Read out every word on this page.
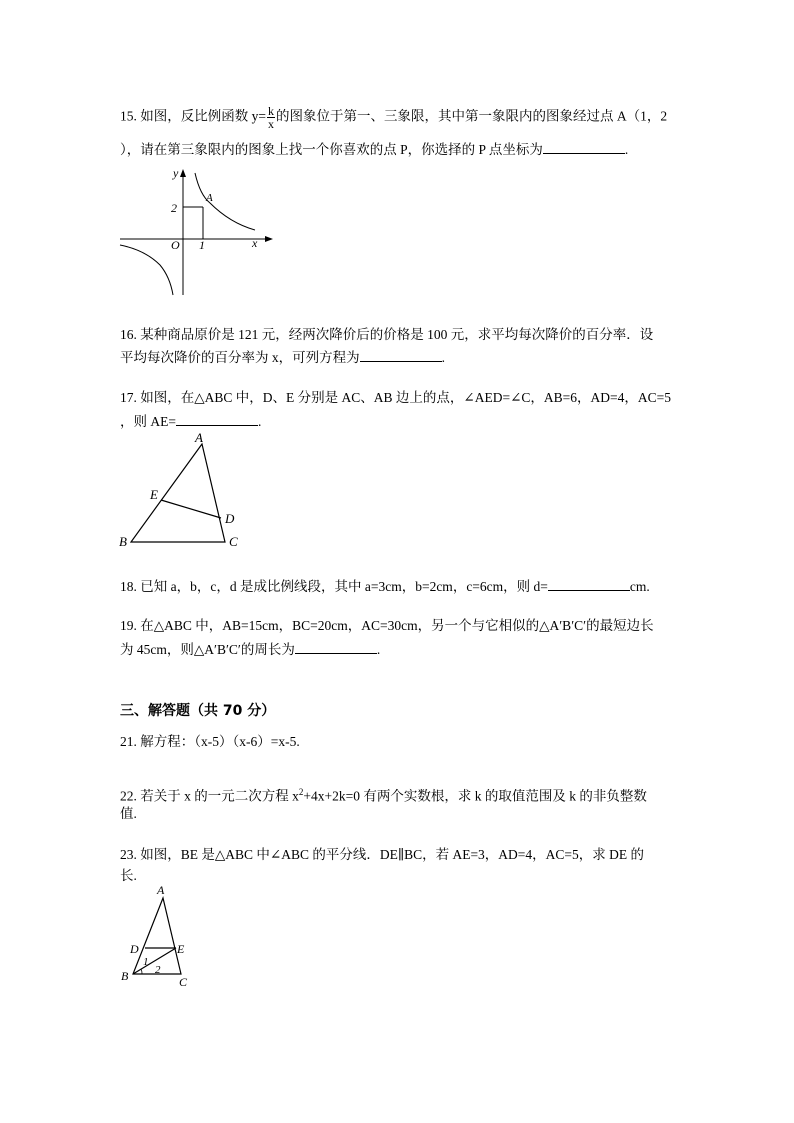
15. 如图，反比例函数 $y= \frac{k}{x}$ 的图象位于第一、三象限，其中第一象限内的图象经过点 A（1，2
），请在第三象限内的图象上找一个你喜欢的点 P，你选择的 P 点坐标为	.
y
x
O
A
2
1
16. 某种商品原价是 121 元，经两次降价后的价格是 100 元，求平均每次降价的百分率．设
平均每次降价的百分率为 x，可列方程为	.
17. 如图，在△ABC 中，D、E 分别是 AC、AB 边上的点，∠AED=∠C，AB=6，AD=4，AC=5
，则 AE=	.
A
B	C
D
E
18. 已知 a，b，c，d 是成比例线段，其中 a=3cm，b=2cm，c=6cm，则 d=	cm.
19. 在△ABC 中，AB=15cm，BC=20cm，AC=30cm，另一个与它相似的△A′B′C′的最短边长
为 45cm，则△A′B′C′的周长为	.
三、解答题（共 70 分）
21. 解方程：（x-5）（x-6）=x-5.
22. 若关于 x 的一元二次方程 $x^2+4x+2k=0$ 有两个实数根，求 k 的取值范围及 k 的非负整数
值.
23. 如图，BE 是△ABC 中∠ABC 的平分线．DE∥BC，若 AE=3，AD=4，AC=5，求 DE 的
长.
A
B	C
D	E
1
2
